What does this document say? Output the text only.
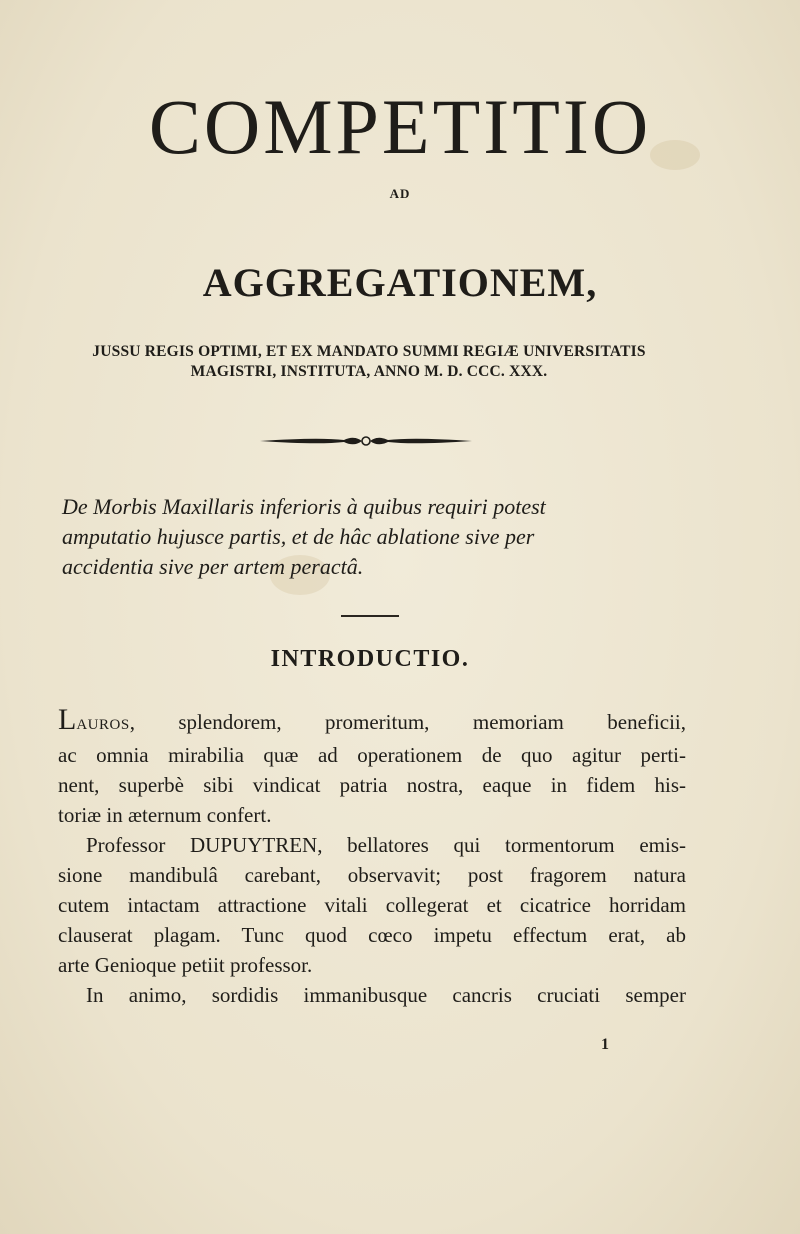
COMPETITIO
AD
AGGREGATIONEM,
JUSSU REGIS OPTIMI, ET EX MANDATO SUMMI REGIÆ UNIVERSITATIS
MAGISTRI, INSTITUTA, ANNO M. D. CCC. XXX.
De Morbis Maxillaris inferioris à quibus requiri potest
amputatio hujusce partis, et de hâc ablatione sive per
accidentia sive per artem peractâ.
INTRODUCTIO.

LAUROS, splendorem, promeritum, memoriam beneficii,
ac omnia mirabilia quæ ad operationem de quo agitur perti-
nent, superbè sibi vindicat patria nostra, eaque in fidem his-
toriæ in æternum confert.

Professor DUPUYTREN, bellatores qui tormentorum emis-
sione mandibulâ carebant, observavit; post fragorem natura
cutem intactam attractione vitali collegerat et cicatrice horridam
clauserat plagam. Tunc quod cœco impetu effectum erat, ab
arte Genioque petiit professor.

In animo, sordidis immanibusque cancris cruciati semper

1
